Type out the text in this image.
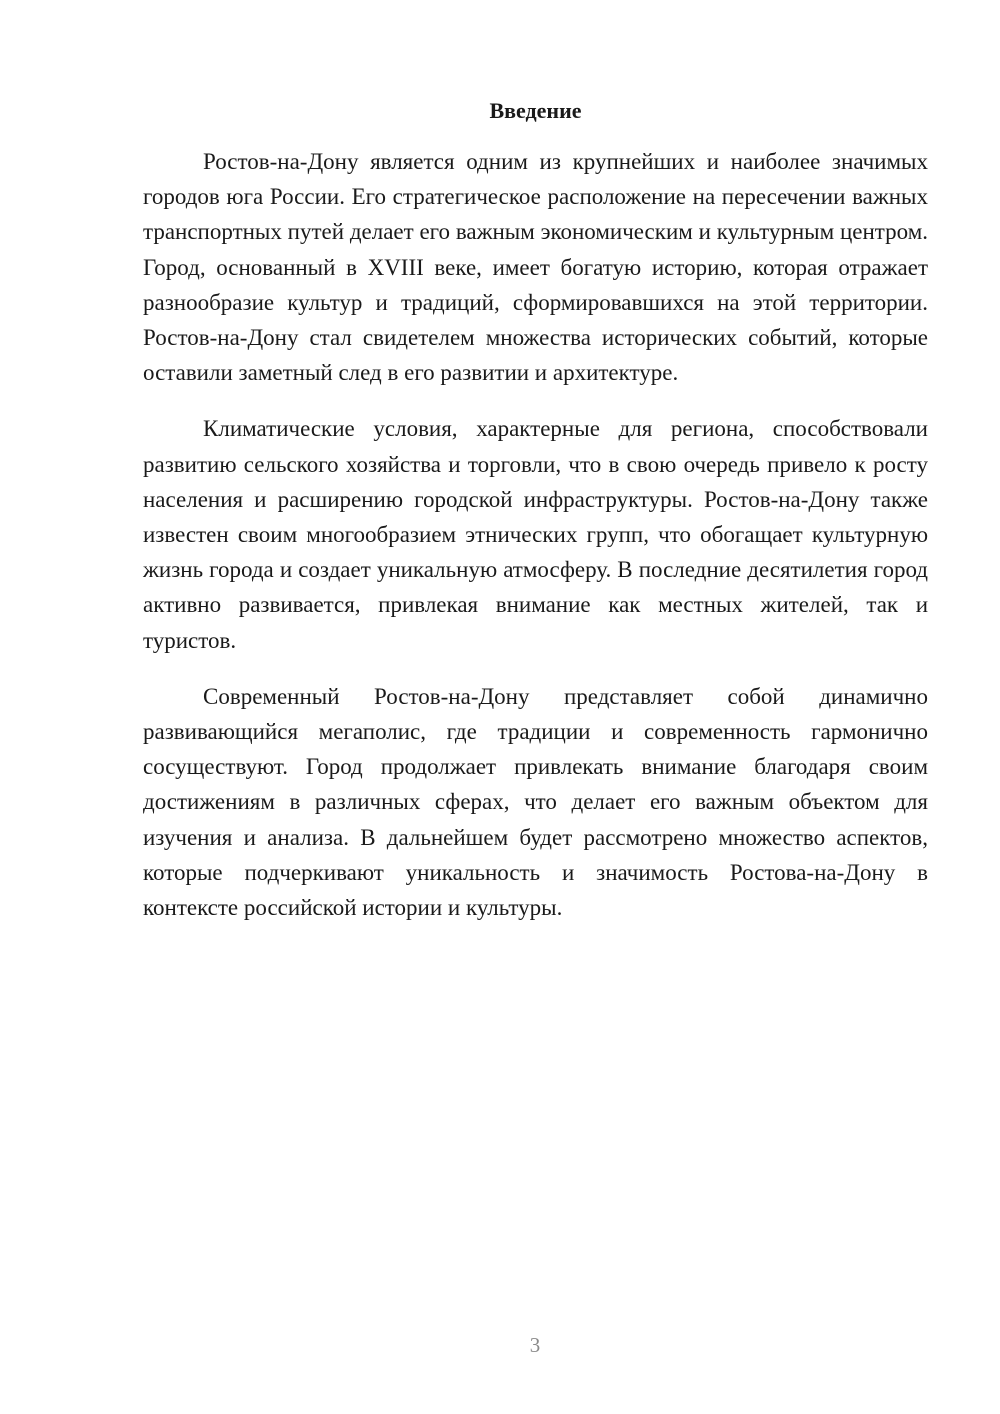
Введение

Ростов-на-Дону является одним из крупнейших и наиболее значимых городов юга России. Его стратегическое расположение на пересечении важных транспортных путей делает его важным экономическим и культурным центром. Город, основанный в XVIII веке, имеет богатую историю, которая отражает разнообразие культур и традиций, сформировавшихся на этой территории. Ростов-на-Дону стал свидетелем множества исторических событий, которые оставили заметный след в его развитии и архитектуре.

Климатические условия, характерные для региона, способствовали развитию сельского хозяйства и торговли, что в свою очередь привело к росту населения и расширению городской инфраструктуры. Ростов-на-Дону также известен своим многообразием этнических групп, что обогащает культурную жизнь города и создает уникальную атмосферу. В последние десятилетия город активно развивается, привлекая внимание как местных жителей, так и туристов.

Современный Ростов-на-Дону представляет собой динамично развивающийся мегаполис, где традиции и современность гармонично сосуществуют. Город продолжает привлекать внимание благодаря своим достижениям в различных сферах, что делает его важным объектом для изучения и анализа. В дальнейшем будет рассмотрено множество аспектов, которые подчеркивают уникальность и значимость Ростова-на-Дону в контексте российской истории и культуры.

3
